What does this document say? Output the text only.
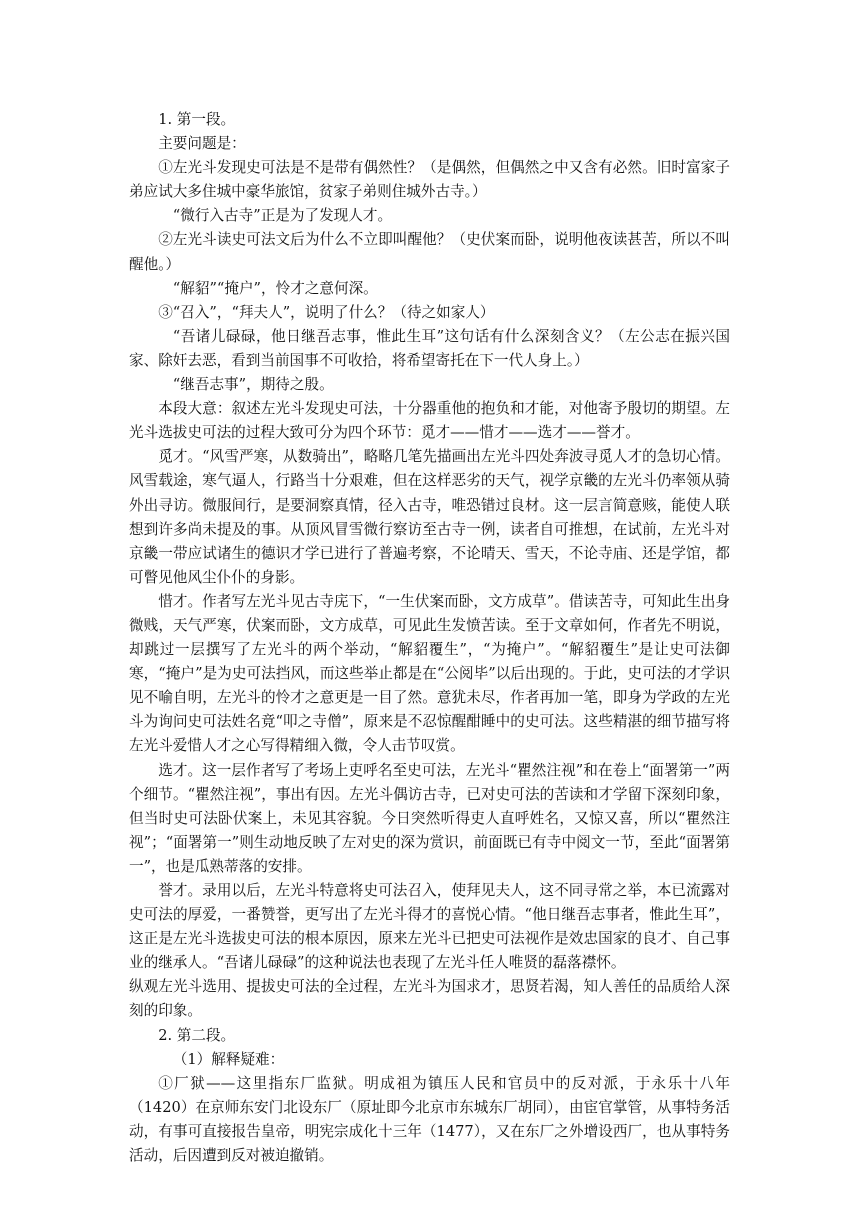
1. 第一段。

主要问题是：

①左光斗发现史可法是不是带有偶然性？（是偶然，但偶然之中又含有必然。旧时富家子弟应试大多住城中豪华旅馆，贫家子弟则住城外古寺。）

“微行入古寺”正是为了发现人才。

②左光斗读史可法文后为什么不立即叫醒他？（史伏案而卧，说明他夜读甚苦，所以不叫醒他。）

“解貂”“掩户”，怜才之意何深。

③“召入”，“拜夫人”，说明了什么？（待之如家人）

“吾诸儿碌碌，他日继吾志事，惟此生耳”这句话有什么深刻含义？（左公志在振兴国家、除奸去恶，看到当前国事不可收拾，将希望寄托在下一代人身上。）

“继吾志事”，期待之殷。

本段大意：叙述左光斗发现史可法，十分器重他的抱负和才能，对他寄予殷切的期望。左光斗选拔史可法的过程大致可分为四个环节：觅才——惜才——选才——誉才。

觅才。“风雪严寒，从数骑出”，略略几笔先描画出左光斗四处奔波寻觅人才的急切心情。风雪载途，寒气逼人，行路当十分艰难，但在这样恶劣的天气，视学京畿的左光斗仍率领从骑外出寻访。微服间行，是要洞察真情，径入古寺，唯恐错过良材。这一层言简意赅，能使人联想到许多尚未提及的事。从顶风冒雪微行察访至古寺一例，读者自可推想，在试前，左光斗对京畿一带应试诸生的德识才学已进行了普遍考察，不论晴天、雪天，不论寺庙、还是学馆，都可瞥见他风尘仆仆的身影。

惜才。作者写左光斗见古寺庑下，“一生伏案而卧，文方成草”。借读苦寺，可知此生出身微贱，天气严寒，伏案而卧，文方成草，可见此生发愤苦读。至于文章如何，作者先不明说，却跳过一层撰写了左光斗的两个举动，“解貂覆生”，“为掩户”。“解貂覆生”是让史可法御寒，“掩户”是为史可法挡风，而这些举止都是在“公阅毕”以后出现的。于此，史可法的才学识见不喻自明，左光斗的怜才之意更是一目了然。意犹未尽，作者再加一笔，即身为学政的左光斗为询问史可法姓名竟“叩之寺僧”，原来是不忍惊醒酣睡中的史可法。这些精湛的细节描写将左光斗爱惜人才之心写得精细入微，令人击节叹赏。

选才。这一层作者写了考场上吏呼名至史可法，左光斗“瞿然注视”和在卷上“面署第一”两个细节。“瞿然注视”，事出有因。左光斗偶访古寺，已对史可法的苦读和才学留下深刻印象，但当时史可法卧伏案上，未见其容貌。今日突然听得吏人直呼姓名，又惊又喜，所以“瞿然注视”；“面署第一”则生动地反映了左对史的深为赏识，前面既已有寺中阅文一节，至此“面署第一”，也是瓜熟蒂落的安排。

誉才。录用以后，左光斗特意将史可法召入，使拜见夫人，这不同寻常之举，本已流露对史可法的厚爱，一番赞誉，更写出了左光斗得才的喜悦心情。“他日继吾志事者，惟此生耳”，这正是左光斗选拔史可法的根本原因，原来左光斗已把史可法视作是效忠国家的良才、自己事业的继承人。“吾诸儿碌碌”的这种说法也表现了左光斗任人唯贤的磊落襟怀。

纵观左光斗选用、提拔史可法的全过程，左光斗为国求才，思贤若渴，知人善任的品质给人深刻的印象。

2. 第二段。

（1）解释疑难：

①厂狱——这里指东厂监狱。明成祖为镇压人民和官员中的反对派，于永乐十八年（1420）在京师东安门北设东厂（原址即今北京市东城东厂胡同），由宦官掌管，从事特务活动，有事可直接报告皇帝，明宪宗成化十三年（1477），又在东厂之外增设西厂，也从事特务活动，后因遭到反对被迫撤销。
